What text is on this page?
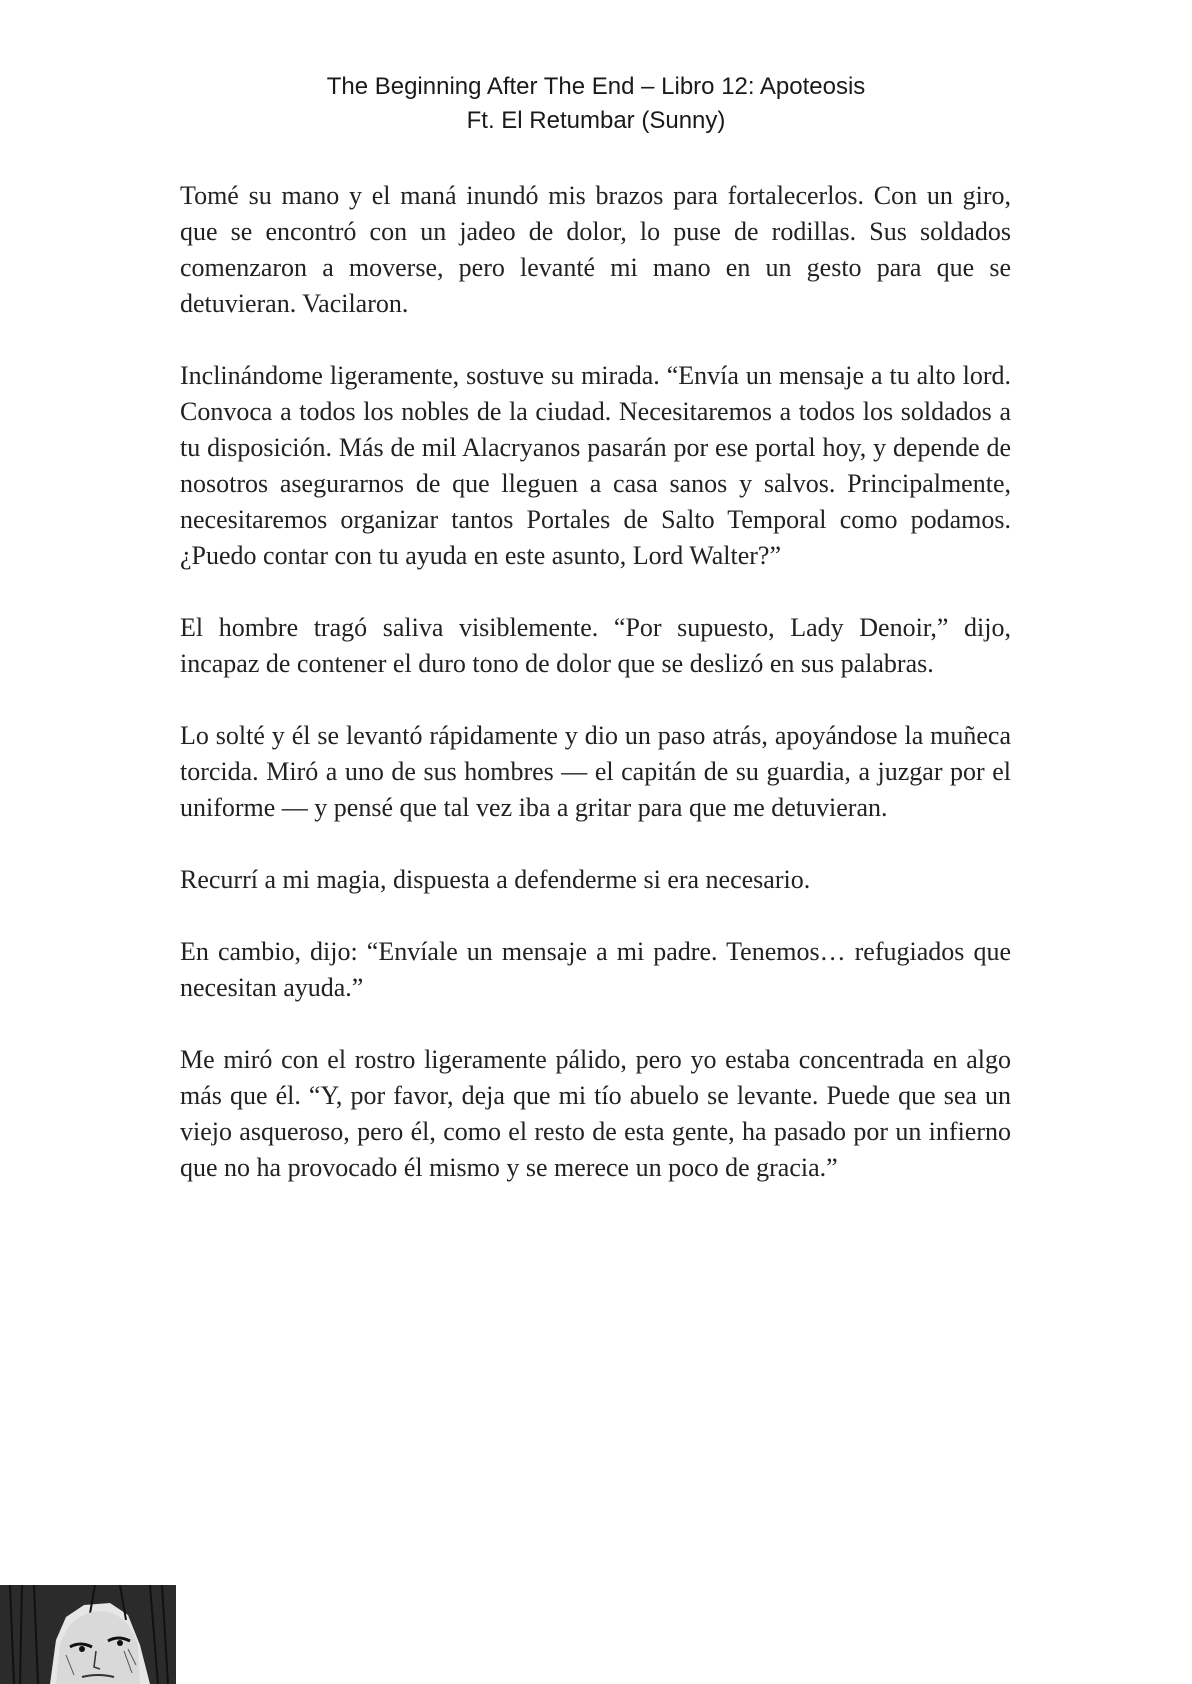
The Beginning After The End – Libro 12: Apoteosis
Ft. El Retumbar (Sunny)

Tomé su mano y el maná inundó mis brazos para fortalecerlos. Con un giro, que se encontró con un jadeo de dolor, lo puse de rodillas. Sus soldados comenzaron a moverse, pero levanté mi mano en un gesto para que se detuvieran. Vacilaron.

Inclinándome ligeramente, sostuve su mirada. “Envía un mensaje a tu alto lord. Convoca a todos los nobles de la ciudad. Necesitaremos a todos los soldados a tu disposición. Más de mil Alacryanos pasarán por ese portal hoy, y depende de nosotros asegurarnos de que lleguen a casa sanos y salvos. Principalmente, necesitaremos organizar tantos Portales de Salto Temporal como podamos. ¿Puedo contar con tu ayuda en este asunto, Lord Walter?”

El hombre tragó saliva visiblemente. “Por supuesto, Lady Denoir,” dijo, incapaz de contener el duro tono de dolor que se deslizó en sus palabras.

Lo solté y él se levantó rápidamente y dio un paso atrás, apoyándose la muñeca torcida. Miró a uno de sus hombres — el capitán de su guardia, a juzgar por el uniforme — y pensé que tal vez iba a gritar para que me detuvieran.

Recurrí a mi magia, dispuesta a defenderme si era necesario.

En cambio, dijo: “Envíale un mensaje a mi padre. Tenemos… refugiados que necesitan ayuda.”

Me miró con el rostro ligeramente pálido, pero yo estaba concentrada en algo más que él. “Y, por favor, deja que mi tío abuelo se levante. Puede que sea un viejo asqueroso, pero él, como el resto de esta gente, ha pasado por un infierno que no ha provocado él mismo y se merece un poco de gracia.”
